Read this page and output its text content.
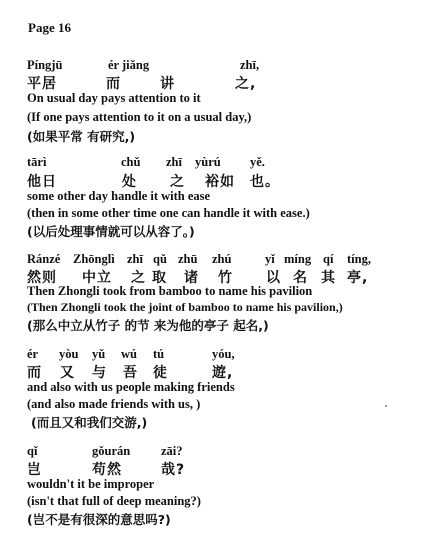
Page 16
Píngjū	ér jiǎng	zhī,
平居	而	讲	之,
On usual day pays attention to it
(If one pays attention to it on a usual day,)
(如果平常 有研究,)
tārì	chǔ zhī yùrú yě.
他日	处 之 裕如 也。
some other day handle it with ease
(then in some other time one can handle it with ease.)
(以后处理事情就可以从容了。)
Ránzé Zhōnglì zhī qǔ zhū zhú	yǐ míng qí tíng,
然则 中立 之 取 诸 竹 以 名 其 亭,
Then Zhongli took from bamboo to name his pavilion
(Then Zhongli took the joint of bamboo to name his pavilion,)
(那么中立从竹子 的节 来为他的亭子 起名,)
ér yòu yǔ wú tú	yóu,
而 又 与 吾 徒	遊,
and also with us people making friends
(and also made friends with us, )
(而且又和我们交游,)
qǐ	gǒurán zāi?
岂	苟然	哉?
wouldn't it be improper
(isn't that full of deep meaning?)
(岂不是有很深的意思吗?)
